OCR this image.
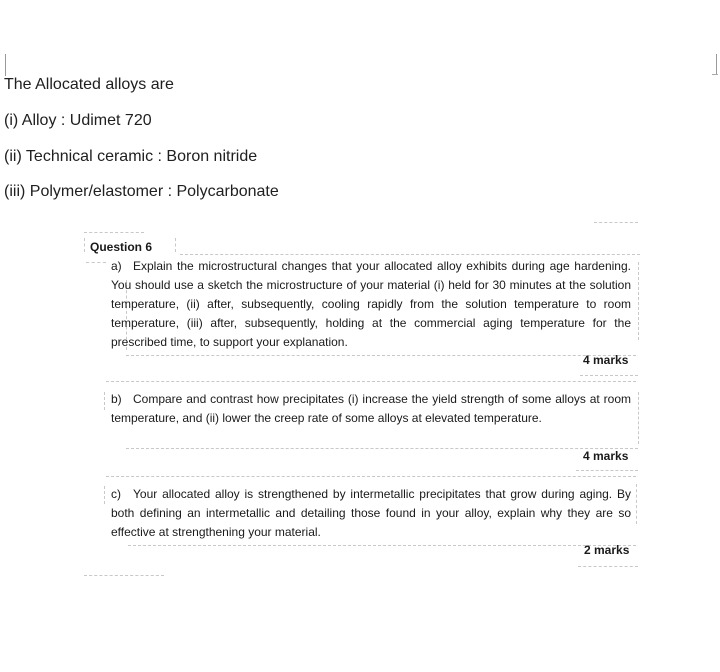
The Allocated alloys are
(i) Alloy : Udimet 720
(ii) Technical ceramic : Boron nitride
(iii) Polymer/elastomer : Polycarbonate
Question 6
a) Explain the microstructural changes that your allocated alloy exhibits during age hardening. You should use a sketch the microstructure of your material (i) held for 30 minutes at the solution temperature, (ii) after, subsequently, cooling rapidly from the solution temperature to room temperature, (iii) after, subsequently, holding at the commercial aging temperature for the prescribed time, to support your explanation.
4 marks
b) Compare and contrast how precipitates (i) increase the yield strength of some alloys at room temperature, and (ii) lower the creep rate of some alloys at elevated temperature.
4 marks
c) Your allocated alloy is strengthened by intermetallic precipitates that grow during aging. By both defining an intermetallic and detailing those found in your alloy, explain why they are so effective at strengthening your material.
2 marks
